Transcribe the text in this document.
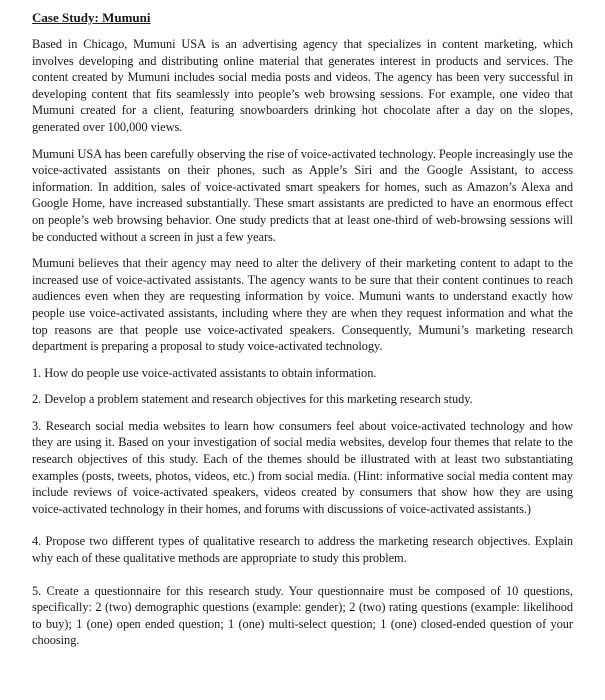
Case Study: Mumuni

Based in Chicago, Mumuni USA is an advertising agency that specializes in content marketing, which involves developing and distributing online material that generates interest in products and services. The content created by Mumuni includes social media posts and videos. The agency has been very successful in developing content that fits seamlessly into people’s web browsing sessions. For example, one video that Mumuni created for a client, featuring snowboarders drinking hot chocolate after a day on the slopes, generated over 100,000 views.

Mumuni USA has been carefully observing the rise of voice-activated technology. People increasingly use the voice-activated assistants on their phones, such as Apple’s Siri and the Google Assistant, to access information. In addition, sales of voice-activated smart speakers for homes, such as Amazon’s Alexa and Google Home, have increased substantially. These smart assistants are predicted to have an enormous effect on people’s web browsing behavior. One study predicts that at least one-third of web-browsing sessions will be conducted without a screen in just a few years.

Mumuni believes that their agency may need to alter the delivery of their marketing content to adapt to the increased use of voice-activated assistants. The agency wants to be sure that their content continues to reach audiences even when they are requesting information by voice. Mumuni wants to understand exactly how people use voice-activated assistants, including where they are when they request information and what the top reasons are that people use voice-activated speakers. Consequently, Mumuni’s marketing research department is preparing a proposal to study voice-activated technology.

1. How do people use voice-activated assistants to obtain information.

2. Develop a problem statement and research objectives for this marketing research study.

3. Research social media websites to learn how consumers feel about voice-activated technology and how they are using it. Based on your investigation of social media websites, develop four themes that relate to the research objectives of this study. Each of the themes should be illustrated with at least two substantiating examples (posts, tweets, photos, videos, etc.) from social media. (Hint: informative social media content may include reviews of voice-activated speakers, videos created by consumers that show how they are using voice-activated technology in their homes, and forums with discussions of voice-activated assistants.)

4. Propose two different types of qualitative research to address the marketing research objectives. Explain why each of these qualitative methods are appropriate to study this problem.

5. Create a questionnaire for this research study. Your questionnaire must be composed of 10 questions, specifically: 2 (two) demographic questions (example: gender); 2 (two) rating questions (example: likelihood to buy); 1 (one) open ended question; 1 (one) multi-select question; 1 (one) closed-ended question of your choosing.
